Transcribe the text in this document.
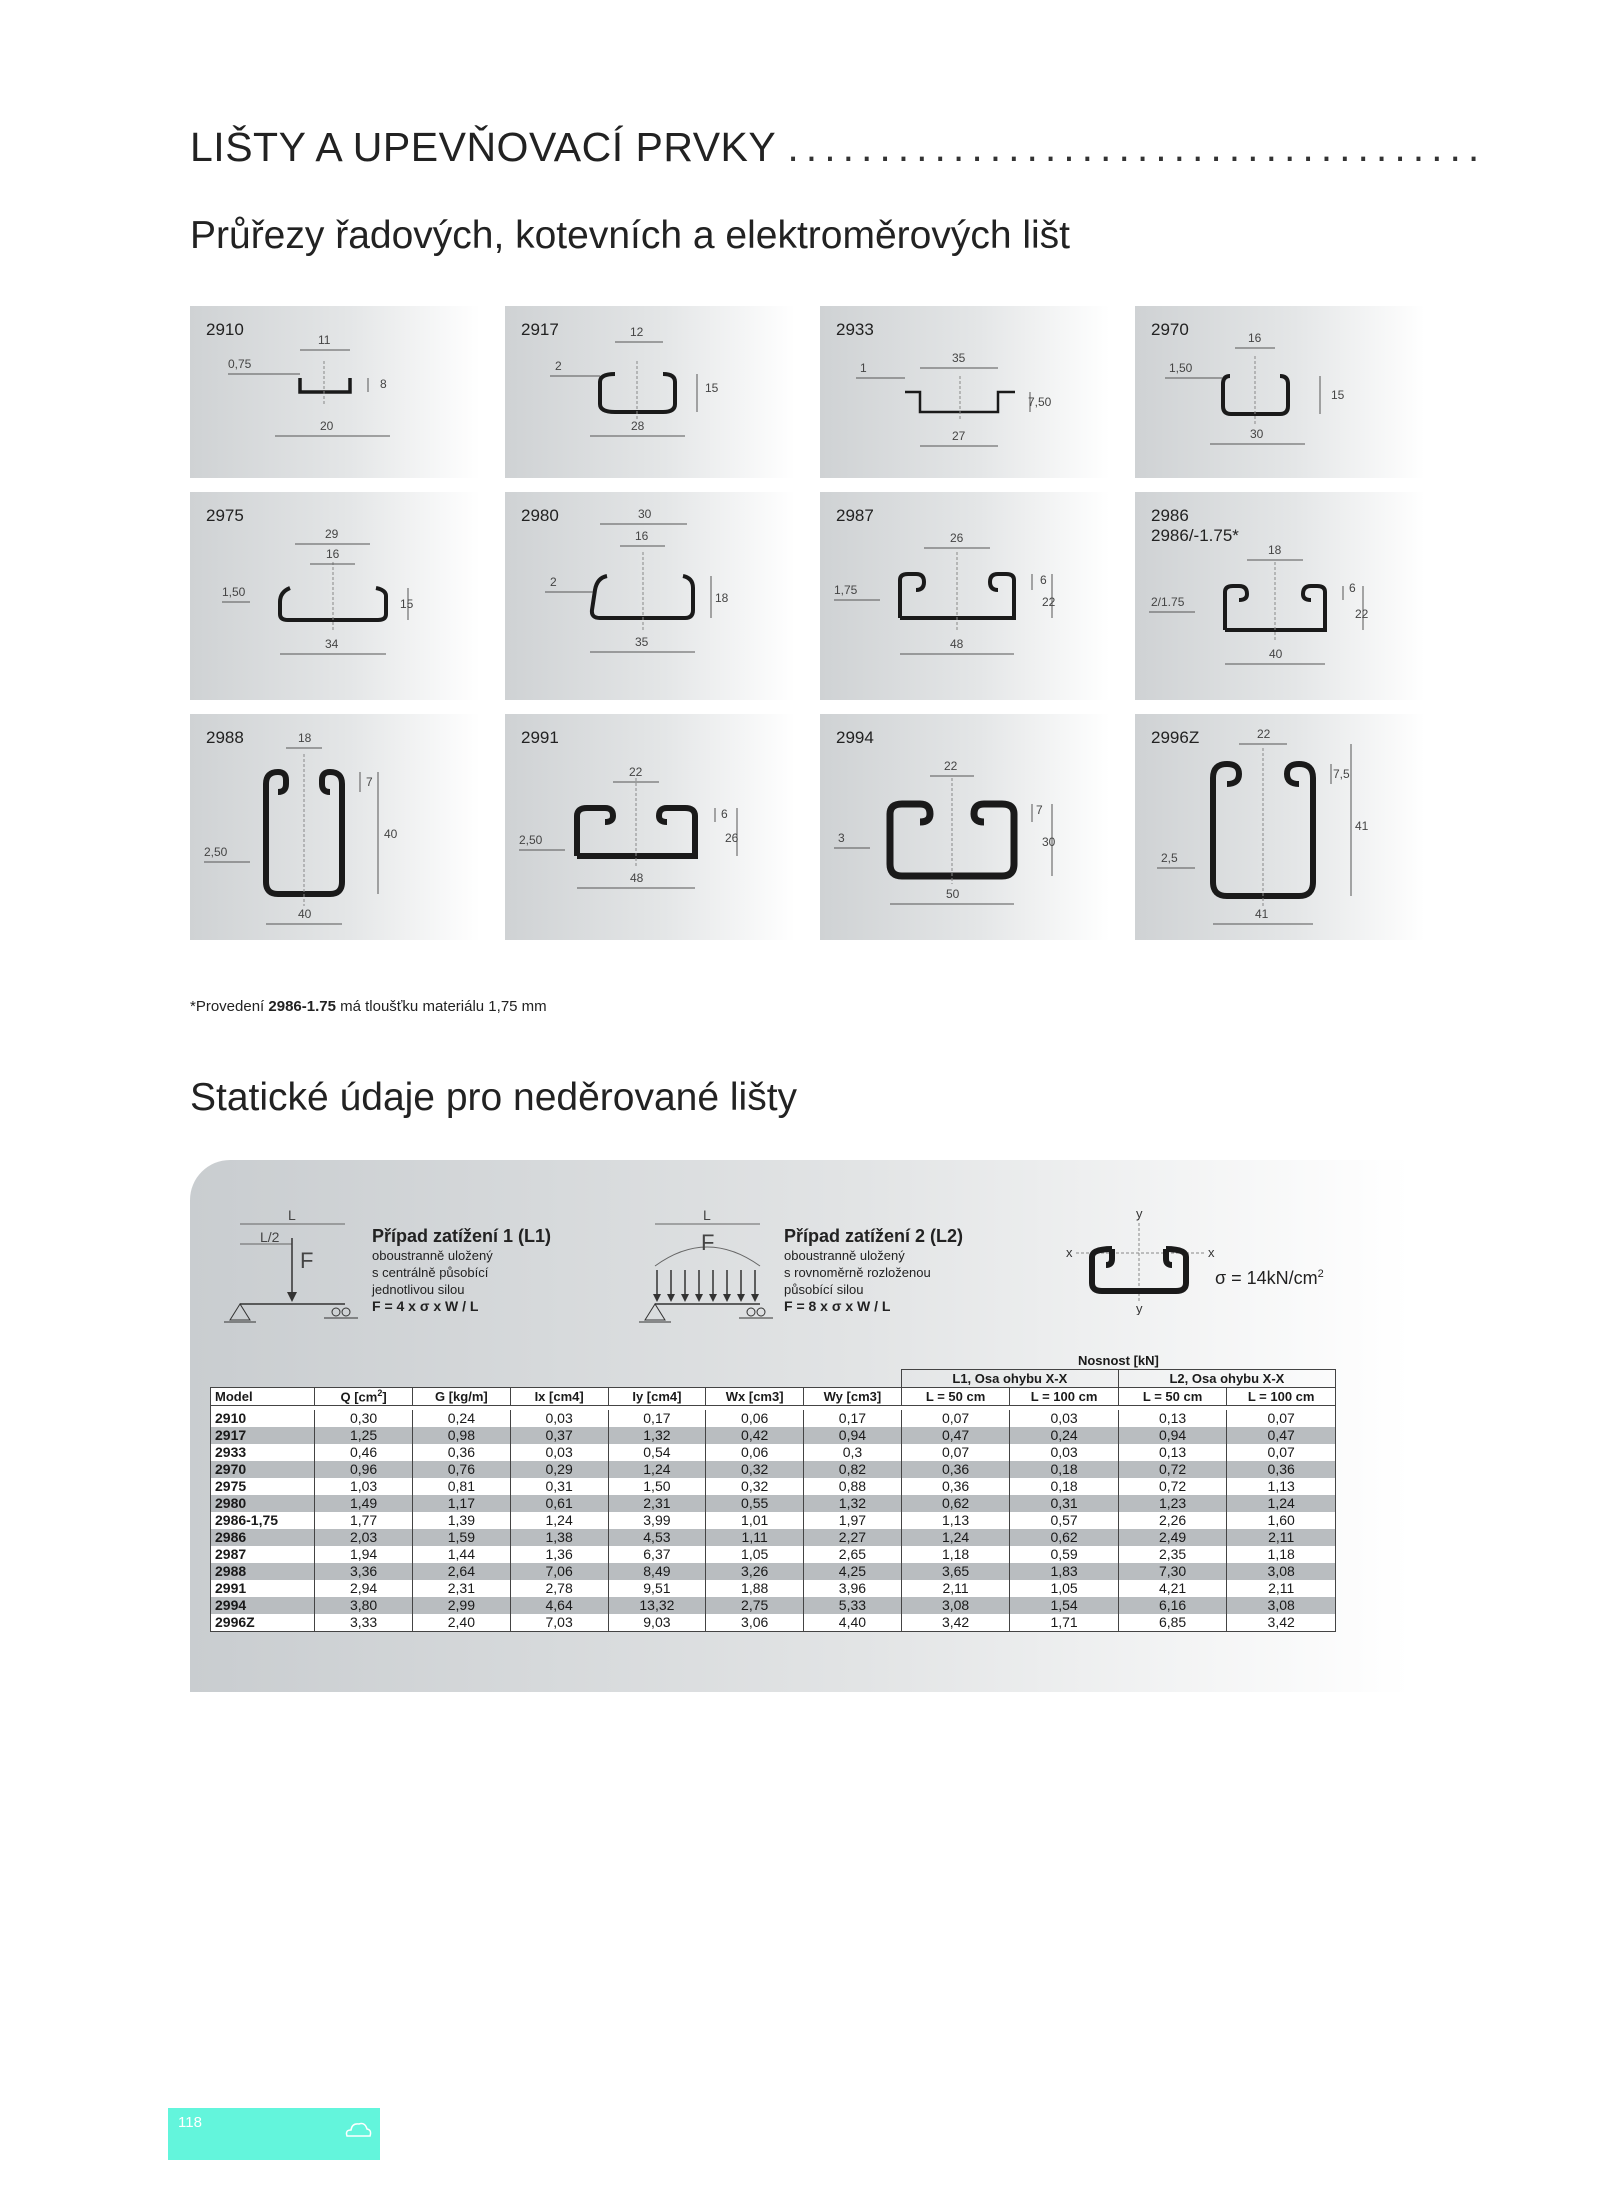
LIŠTY A UPEVŇOVACÍ PRVKY ......................................
Průřezy řadových, kotevních a elektroměrových lišt
2910
11
0,75
8
20
2917	12
2
15
28
2933
35
1
7,50
27
2970	16
1,50
15
30
2975
29
16
1,50
15
34
2980	30
16
2
18
35
2987
26
1,75
6
22
48
2986
2986/-1.75*
18
2/1.75
6
22
40
2988	18
2,50
7
40
40
2991
22
2,50
6
26
48
2994
22
3
7
30
50
2996Z	22
2,5
7,5
41
41
*Provedení 2986-1.75 má tloušťku materiálu 1,75 mm
Statické údaje pro neděrované lišty
L
L/2
F
Případ zatížení 1 (L1)
oboustranně uložený
s centrálně působící
jednotlivou silou
F = 4 x σ x W / L
L
F	Případ zatížení 2 (L2)
oboustranně uložený
s rovnoměrně rozloženou
působící silou
F = 8 x σ x W / L
y
y
x	x
$\sigma = 14kN/cm^2$
							Nosnost [kN]			
							L1, Osa ohybu X-X		L2, Osa ohybu X-X	
Model	Q $[cm^2]$	G [kg/m]	Ix [cm4]	Iy [cm4]	Wx [cm3]	Wy [cm3]	L = 50 cm	L = 100 cm	L = 50 cm	L = 100 cm

2910	0,30	0,24	0,03	0,17	0,06	0,17	0,07	0,03	0,13	0,07
2917	1,25	0,98	0,37	1,32	0,42	0,94	0,47	0,24	0,94	0,47
2933	0,46	0,36	0,03	0,54	0,06	0,3	0,07	0,03	0,13	0,07
2970	0,96	0,76	0,29	1,24	0,32	0,82	0,36	0,18	0,72	0,36
2975	1,03	0,81	0,31	1,50	0,32	0,88	0,36	0,18	0,72	1,13
2980	1,49	1,17	0,61	2,31	0,55	1,32	0,62	0,31	1,23	1,24
2986-1,75	1,77	1,39	1,24	3,99	1,01	1,97	1,13	0,57	2,26	1,60
2986	2,03	1,59	1,38	4,53	1,11	2,27	1,24	0,62	2,49	2,11
2987	1,94	1,44	1,36	6,37	1,05	2,65	1,18	0,59	2,35	1,18
2988	3,36	2,64	7,06	8,49	3,26	4,25	3,65	1,83	7,30	3,08
2991	2,94	2,31	2,78	9,51	1,88	3,96	2,11	1,05	4,21	2,11
2994	3,80	2,99	4,64	13,32	2,75	5,33	3,08	1,54	6,16	3,08
2996Z	3,33	2,40	7,03	9,03	3,06	4,40	3,42	1,71	6,85	3,42
118
